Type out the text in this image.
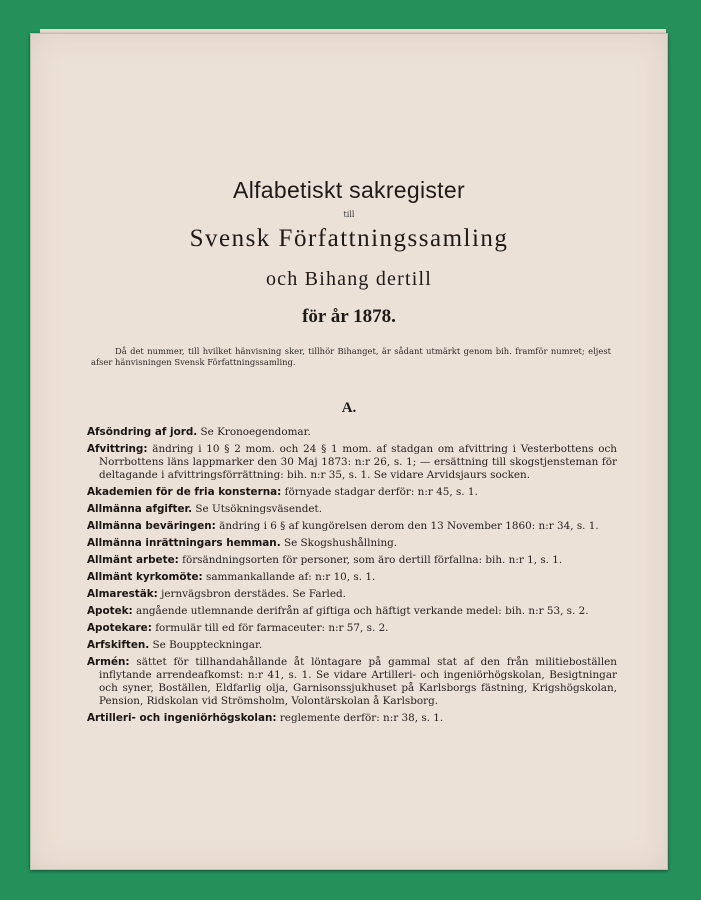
Alfabetiskt sakregister
till
Svensk Författningssamling
och Bihang dertill
för år 1878.
Då det nummer, till hvilket hänvisning sker, tillhör Bihanget, är sådant utmärkt genom bih. framför numret; eljest afser hänvisningen Svensk Författningssamling.
A.
Afsöndring af jord. Se Kronoegendomar.
Afvittring: ändring i 10 § 2 mom. och 24 § 1 mom. af stadgan om afvittring i Vesterbottens och Norrbottens läns lappmarker den 30 Maj 1873: n:r 26, s. 1; — ersättning till skogstjensteman för deltagande i afvittringsförrättning: bih. n:r 35, s. 1. Se vidare Arvidsjaurs socken.
Akademien för de fria konsterna: förnyade stadgar derför: n:r 45, s. 1.
Allmänna afgifter. Se Utsökningsväsendet.
Allmänna beväringen: ändring i 6 § af kungörelsen derom den 13 November 1860: n:r 34, s. 1.
Allmänna inrättningars hemman. Se Skogshushållning.
Allmänt arbete: försändningsorten för personer, som äro dertill förfallna: bih. n:r 1, s. 1.
Allmänt kyrkomöte: sammankallande af: n:r 10, s. 1.
Almarestäk: jernvägsbron derstädes. Se Farled.
Apotek: angående utlemnande derifrån af giftiga och häftigt verkande medel: bih. n:r 53, s. 2.
Apotekare: formulär till ed för farmaceuter: n:r 57, s. 2.
Arfskiften. Se Bouppteckningar.
Armén: sättet för tillhandahållande åt löntagare på gammal stat af den från militieboställen inflytande arrendeafkomst: n:r 41, s. 1. Se vidare Artilleri- och ingeniörhögskolan, Besigtningar och syner, Boställen, Eldfarlig olja, Garnisonssjukhuset på Karlsborgs fästning, Krigshögskolan, Pension, Ridskolan vid Strömsholm, Volontärskolan å Karlsborg.
Artilleri- och ingeniörhögskolan: reglemente derför: n:r 38, s. 1.
